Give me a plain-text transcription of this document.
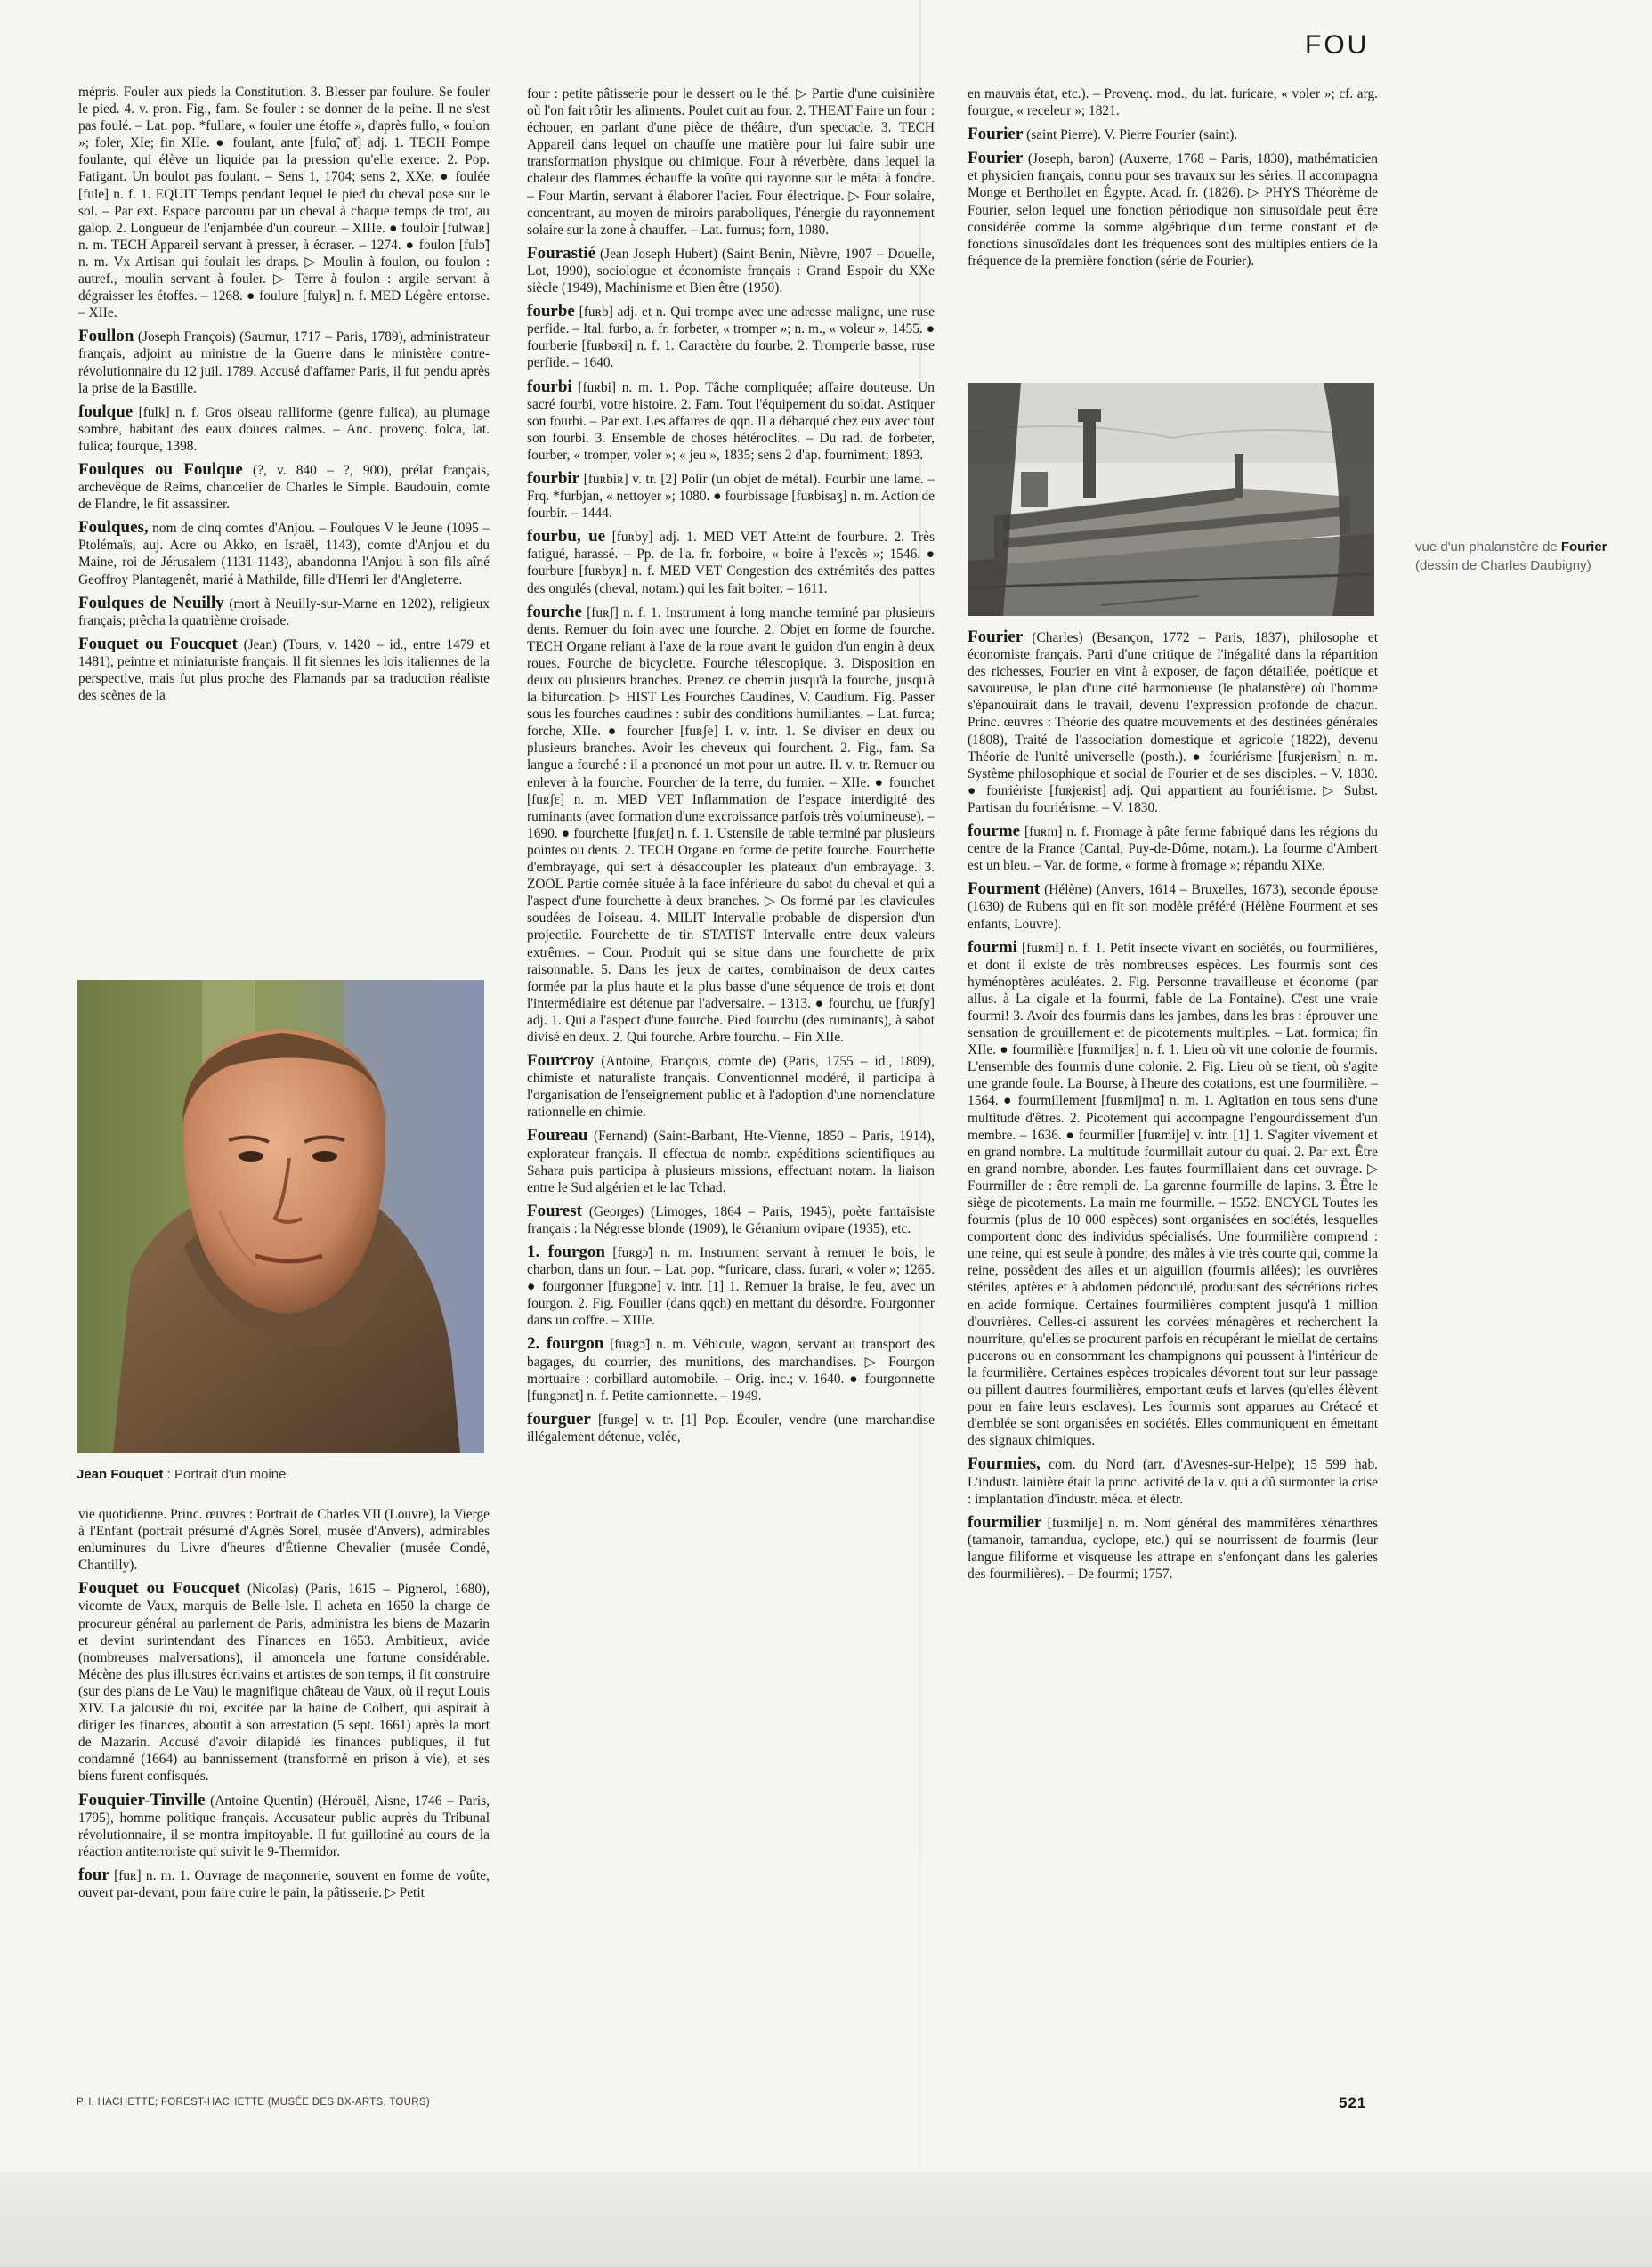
FOU

mépris. Fouler aux pieds la Constitution. 3. Blesser par foulure. Se fouler le pied. 4. v. pron. Fig., fam. Se fouler : se donner de la peine. Il ne s'est pas foulé. – Lat. pop. *fullare, « fouler une étoffe », d'après fullo, « foulon »; foler, XIe; fin XIIe. ● foulant, ante [fulɑ̃, ɑ̃t] adj. 1. TECH Pompe foulante, qui élève un liquide par la pression qu'elle exerce. 2. Pop. Fatigant. Un boulot pas foulant. – Sens 1, 1704; sens 2, XXe. ● foulée [fule] n. f. 1. EQUIT Temps pendant lequel le pied du cheval pose sur le sol. – Par ext. Espace parcouru par un cheval à chaque temps de trot, au galop. 2. Longueur de l'enjambée d'un coureur. – XIIIe. ● fouloir [fulwaʀ] n. m. TECH Appareil servant à presser, à écraser. – 1274. ● foulon [fulɔ̃] n. m. Vx Artisan qui foulait les draps. ▷ Moulin à foulon, ou foulon : autref., moulin servant à fouler. ▷ Terre à foulon : argile servant à dégraisser les étoffes. – 1268. ● foulure [fulyʀ] n. f. MED Légère entorse. – XIIe.

Foullon (Joseph François) (Saumur, 1717 – Paris, 1789), administrateur français, adjoint au ministre de la Guerre dans le ministère contre-révolutionnaire du 12 juil. 1789. Accusé d'affamer Paris, il fut pendu après la prise de la Bastille.

foulque [fulk] n. f. Gros oiseau ralliforme (genre fulica), au plumage sombre, habitant des eaux douces calmes. – Anc. provenç. folca, lat. fulica; fourque, 1398.

Foulques ou Foulque (?, v. 840 – ?, 900), prélat français, archevêque de Reims, chancelier de Charles le Simple. Baudouin, comte de Flandre, le fit assassiner.

Foulques, nom de cinq comtes d'Anjou. – Foulques V le Jeune (1095 – Ptolémaïs, auj. Acre ou Akko, en Israël, 1143), comte d'Anjou et du Maine, roi de Jérusalem (1131-1143), abandonna l'Anjou à son fils aîné Geoffroy Plantagenêt, marié à Mathilde, fille d'Henri Ier d'Angleterre.

Foulques de Neuilly (mort à Neuilly-sur-Marne en 1202), religieux français; prêcha la quatrième croisade.

Fouquet ou Foucquet (Jean) (Tours, v. 1420 – id., entre 1479 et 1481), peintre et miniaturiste français. Il fit siennes les lois italiennes de la perspective, mais fut plus proche des Flamands par sa traduction réaliste des scènes de la

Jean Fouquet : Portrait d'un moine

vie quotidienne. Princ. œuvres : Portrait de Charles VII (Louvre), la Vierge à l'Enfant (portrait présumé d'Agnès Sorel, musée d'Anvers), admirables enluminures du Livre d'heures d'Étienne Chevalier (musée Condé, Chantilly).

Fouquet ou Foucquet (Nicolas) (Paris, 1615 – Pignerol, 1680), vicomte de Vaux, marquis de Belle-Isle. Il acheta en 1650 la charge de procureur général au parlement de Paris, administra les biens de Mazarin et devint surintendant des Finances en 1653. Ambitieux, avide (nombreuses malversations), il amoncela une fortune considérable. Mécène des plus illustres écrivains et artistes de son temps, il fit construire (sur des plans de Le Vau) le magnifique château de Vaux, où il reçut Louis XIV. La jalousie du roi, excitée par la haine de Colbert, qui aspirait à diriger les finances, aboutit à son arrestation (5 sept. 1661) après la mort de Mazarin. Accusé d'avoir dilapidé les finances publiques, il fut condamné (1664) au bannissement (transformé en prison à vie), et ses biens furent confisqués.

Fouquier-Tinville (Antoine Quentin) (Hérouël, Aisne, 1746 – Paris, 1795), homme politique français. Accusateur public auprès du Tribunal révolutionnaire, il se montra impitoyable. Il fut guillotiné au cours de la réaction antiterroriste qui suivit le 9-Thermidor.

four [fuʀ] n. m. 1. Ouvrage de maçonnerie, souvent en forme de voûte, ouvert par-devant, pour faire cuire le pain, la pâtisserie. ▷ Petit

four : petite pâtisserie pour le dessert ou le thé. ▷ Partie d'une cuisinière où l'on fait rôtir les aliments. Poulet cuit au four. 2. THEAT Faire un four : échouer, en parlant d'une pièce de théâtre, d'un spectacle. 3. TECH Appareil dans lequel on chauffe une matière pour lui faire subir une transformation physique ou chimique. Four à réverbère, dans lequel la chaleur des flammes échauffe la voûte qui rayonne sur le métal à fondre. – Four Martin, servant à élaborer l'acier. Four électrique. ▷ Four solaire, concentrant, au moyen de miroirs paraboliques, l'énergie du rayonnement solaire sur la zone à chauffer. – Lat. furnus; forn, 1080.

Fourastié (Jean Joseph Hubert) (Saint-Benin, Nièvre, 1907 – Douelle, Lot, 1990), sociologue et économiste français : Grand Espoir du XXe siècle (1949), Machinisme et Bien être (1950).

fourbe [fuʀb] adj. et n. Qui trompe avec une adresse maligne, une ruse perfide. – Ital. furbo, a. fr. forbeter, « tromper »; n. m., « voleur », 1455. ● fourberie [fuʀbəʀi] n. f. 1. Caractère du fourbe. 2. Tromperie basse, ruse perfide. – 1640.

fourbi [fuʀbi] n. m. 1. Pop. Tâche compliquée; affaire douteuse. Un sacré fourbi, votre histoire. 2. Fam. Tout l'équipement du soldat. Astiquer son fourbi. – Par ext. Les affaires de qqn. Il a débarqué chez eux avec tout son fourbi. 3. Ensemble de choses hétéroclites. – Du rad. de forbeter, fourber, « tromper, voler »; « jeu », 1835; sens 2 d'ap. fourniment; 1893.

fourbir [fuʀbiʀ] v. tr. [2] Polir (un objet de métal). Fourbir une lame. – Frq. *furbjan, « nettoyer »; 1080. ● fourbissage [fuʀbisaʒ] n. m. Action de fourbir. – 1444.

fourbu, ue [fuʀby] adj. 1. MED VET Atteint de fourbure. 2. Très fatigué, harassé. – Pp. de l'a. fr. forboire, « boire à l'excès »; 1546. ● fourbure [fuʀbyʀ] n. f. MED VET Congestion des extrémités des pattes des ongulés (cheval, notam.) qui les fait boiter. – 1611.

fourche [fuʀʃ] n. f. 1. Instrument à long manche terminé par plusieurs dents. Remuer du foin avec une fourche. 2. Objet en forme de fourche. TECH Organe reliant à l'axe de la roue avant le guidon d'un engin à deux roues. Fourche de bicyclette. Fourche télescopique. 3. Disposition en deux ou plusieurs branches. Prenez ce chemin jusqu'à la fourche, jusqu'à la bifurcation. ▷ HIST Les Fourches Caudines, V. Caudium. Fig. Passer sous les fourches caudines : subir des conditions humiliantes. – Lat. furca; forche, XIIe. ● fourcher [fuʀʃe] I. v. intr. 1. Se diviser en deux ou plusieurs branches. Avoir les cheveux qui fourchent. 2. Fig., fam. Sa langue a fourché : il a prononcé un mot pour un autre. II. v. tr. Remuer ou enlever à la fourche. Fourcher de la terre, du fumier. – XIIe. ● fourchet [fuʀʃɛ] n. m. MED VET Inflammation de l'espace interdigité des ruminants (avec formation d'une excroissance parfois très volumineuse). – 1690. ● fourchette [fuʀʃɛt] n. f. 1. Ustensile de table terminé par plusieurs pointes ou dents. 2. TECH Organe en forme de petite fourche. Fourchette d'embrayage, qui sert à désaccoupler les plateaux d'un embrayage. 3. ZOOL Partie cornée située à la face inférieure du sabot du cheval et qui a l'aspect d'une fourchette à deux branches. ▷ Os formé par les clavicules soudées de l'oiseau. 4. MILIT Intervalle probable de dispersion d'un projectile. Fourchette de tir. STATIST Intervalle entre deux valeurs extrêmes. – Cour. Produit qui se situe dans une fourchette de prix raisonnable. 5. Dans les jeux de cartes, combinaison de deux cartes formée par la plus haute et la plus basse d'une séquence de trois et dont l'intermédiaire est détenue par l'adversaire. – 1313. ● fourchu, ue [fuʀʃy] adj. 1. Qui a l'aspect d'une fourche. Pied fourchu (des ruminants), à sabot divisé en deux. 2. Qui fourche. Arbre fourchu. – Fin XIIe.

Fourcroy (Antoine, François, comte de) (Paris, 1755 – id., 1809), chimiste et naturaliste français. Conventionnel modéré, il participa à l'organisation de l'enseignement public et à l'adoption d'une nomenclature rationnelle en chimie.

Foureau (Fernand) (Saint-Barbant, Hte-Vienne, 1850 – Paris, 1914), explorateur français. Il effectua de nombr. expéditions scientifiques au Sahara puis participa à plusieurs missions, effectuant notam. la liaison entre le Sud algérien et le lac Tchad.

Fourest (Georges) (Limoges, 1864 – Paris, 1945), poète fantaisiste français : la Négresse blonde (1909), le Géranium ovipare (1935), etc.

1. fourgon [fuʀgɔ̃] n. m. Instrument servant à remuer le bois, le charbon, dans un four. – Lat. pop. *furicare, class. furari, « voler »; 1265. ● fourgonner [fuʀgɔne] v. intr. [1] 1. Remuer la braise, le feu, avec un fourgon. 2. Fig. Fouiller (dans qqch) en mettant du désordre. Fourgonner dans un coffre. – XIIIe.

2. fourgon [fuʀgɔ̃] n. m. Véhicule, wagon, servant au transport des bagages, du courrier, des munitions, des marchandises. ▷ Fourgon mortuaire : corbillard automobile. – Orig. inc.; v. 1640. ● fourgonnette [fuʀgɔnɛt] n. f. Petite camionnette. – 1949.

fourguer [fuʀge] v. tr. [1] Pop. Écouler, vendre (une marchandise illégalement détenue, volée,

en mauvais état, etc.). – Provenç. mod., du lat. furicare, « voler »; cf. arg. fourgue, « receleur »; 1821.

Fourier (saint Pierre). V. Pierre Fourier (saint).

Fourier (Joseph, baron) (Auxerre, 1768 – Paris, 1830), mathématicien et physicien français, connu pour ses travaux sur les séries. Il accompagna Monge et Berthollet en Égypte. Acad. fr. (1826). ▷ PHYS Théorème de Fourier, selon lequel une fonction périodique non sinusoïdale peut être considérée comme la somme algébrique d'un terme constant et de fonctions sinusoïdales dont les fréquences sont des multiples entiers de la fréquence de la première fonction (série de Fourier).

vue d'un phalanstère de Fourier (dessin de Charles Daubigny)

Fourier (Charles) (Besançon, 1772 – Paris, 1837), philosophe et économiste français. Parti d'une critique de l'inégalité dans la répartition des richesses, Fourier en vint à exposer, de façon détaillée, poétique et savoureuse, le plan d'une cité harmonieuse (le phalanstère) où l'homme s'épanouirait dans le travail, devenu l'expression profonde de chacun. Princ. œuvres : Théorie des quatre mouvements et des destinées générales (1808), Traité de l'association domestique et agricole (1822), devenu Théorie de l'unité universelle (posth.). ● fouriérisme [fuʀjeʀism] n. m. Système philosophique et social de Fourier et de ses disciples. – V. 1830. ● fouriériste [fuʀjeʀist] adj. Qui appartient au fouriérisme. ▷ Subst. Partisan du fouriérisme. – V. 1830.

fourme [fuʀm] n. f. Fromage à pâte ferme fabriqué dans les régions du centre de la France (Cantal, Puy-de-Dôme, notam.). La fourme d'Ambert est un bleu. – Var. de forme, « forme à fromage »; répandu XIXe.

Fourment (Hélène) (Anvers, 1614 – Bruxelles, 1673), seconde épouse (1630) de Rubens qui en fit son modèle préféré (Hélène Fourment et ses enfants, Louvre).

fourmi [fuʀmi] n. f. 1. Petit insecte vivant en sociétés, ou fourmilières, et dont il existe de très nombreuses espèces. Les fourmis sont des hyménoptères aculéates. 2. Fig. Personne travailleuse et économe (par allus. à La cigale et la fourmi, fable de La Fontaine). C'est une vraie fourmi! 3. Avoir des fourmis dans les jambes, dans les bras : éprouver une sensation de grouillement et de picotements multiples. – Lat. formica; fin XIIe. ● fourmilière [fuʀmiljɛʀ] n. f. 1. Lieu où vit une colonie de fourmis. L'ensemble des fourmis d'une colonie. 2. Fig. Lieu où se tient, où s'agite une grande foule. La Bourse, à l'heure des cotations, est une fourmilière. – 1564. ● fourmillement [fuʀmijmɑ̃] n. m. 1. Agitation en tous sens d'une multitude d'êtres. 2. Picotement qui accompagne l'engourdissement d'un membre. – 1636. ● fourmiller [fuʀmije] v. intr. [1] 1. S'agiter vivement et en grand nombre. La multitude fourmillait autour du quai. 2. Par ext. Être en grand nombre, abonder. Les fautes fourmillaient dans cet ouvrage. ▷ Fourmiller de : être rempli de. La garenne fourmille de lapins. 3. Être le siège de picotements. La main me fourmille. – 1552. ENCYCL Toutes les fourmis (plus de 10 000 espèces) sont organisées en sociétés, lesquelles comportent donc des individus spécialisés. Une fourmilière comprend : une reine, qui est seule à pondre; des mâles à vie très courte qui, comme la reine, possèdent des ailes et un aiguillon (fourmis ailées); les ouvrières stériles, aptères et à abdomen pédonculé, produisant des sécrétions riches en acide formique. Certaines fourmilières comptent jusqu'à 1 million d'ouvrières. Celles-ci assurent les corvées ménagères et recherchent la nourriture, qu'elles se procurent parfois en récupérant le miellat de certains pucerons ou en consommant les champignons qui poussent à l'intérieur de la fourmilière. Certaines espèces tropicales dévorent tout sur leur passage ou pillent d'autres fourmilières, emportant œufs et larves (qu'elles élèvent pour en faire leurs esclaves). Les fourmis sont apparues au Crétacé et d'emblée se sont organisées en sociétés. Elles communiquent en émettant des signaux chimiques.

Fourmies, com. du Nord (arr. d'Avesnes-sur-Helpe); 15 599 hab. L'industr. lainière était la princ. activité de la v. qui a dû surmonter la crise : implantation d'industr. méca. et électr.

fourmilier [fuʀmilje] n. m. Nom général des mammifères xénarthres (tamanoir, tamandua, cyclope, etc.) qui se nourrissent de fourmis (leur langue filiforme et visqueuse les attrape en s'enfonçant dans les galeries des fourmilières). – De fourmi; 1757.

PH. HACHETTE; FOREST-HACHETTE (MUSÉE DES BX-ARTS, TOURS)	521
